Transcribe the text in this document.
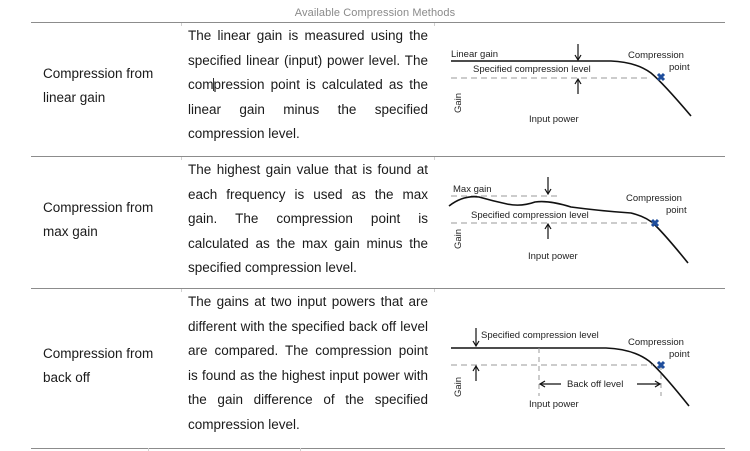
Available Compression Methods
Compression from
linear gain
The linear gain is measured using the specified linear (input) power level. The compression point is calculated as the linear gain minus the specified compression level.
Linear gain
Specified compression level
Compression
point
Gain
Input power
Compression from
max gain
The highest gain value that is found at each frequency is used as the max gain. The compression point is calculated as the max gain minus the specified compression level.
Max gain
Specified compression level
Compression
point
Gain
Input power
Compression from
back off
The gains at two input powers that are different with the specified back off level are compared. The compression point is found as the highest input power with the gain difference of the specified compression level.
Specified compression level
Back off level
Compression
point
Gain
Input power
